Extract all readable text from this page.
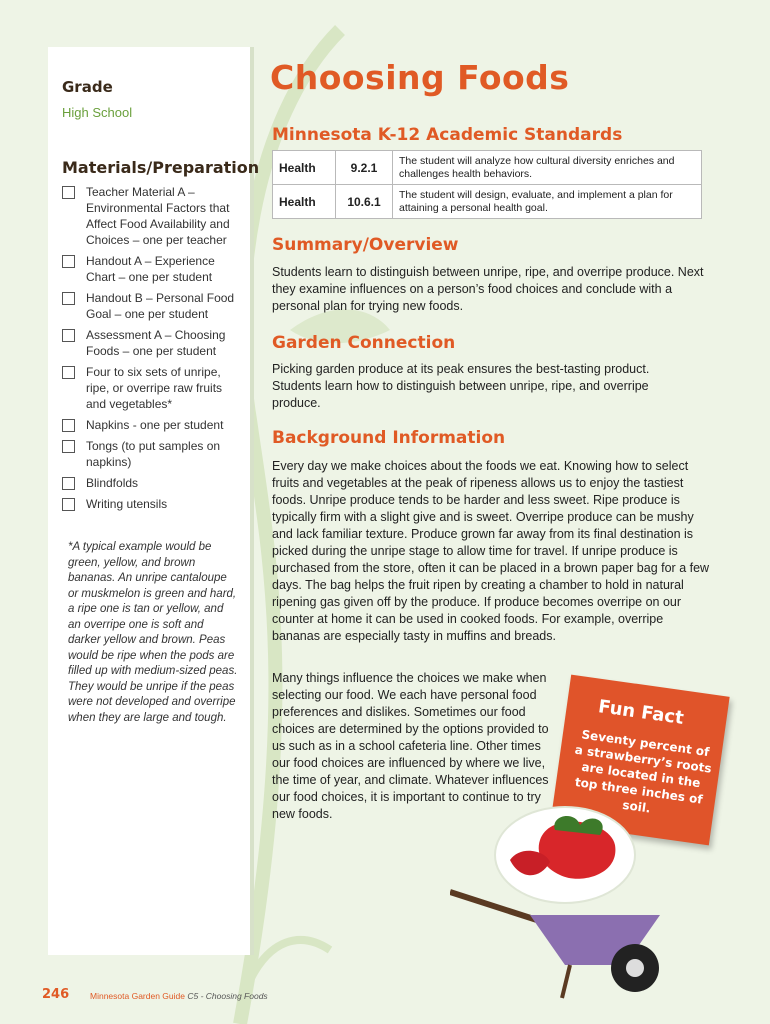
Grade
High School
Materials/Preparation
Teacher Material A – Environmental Factors that Affect Food Availability and Choices – one per teacher
Handout A – Experience Chart – one per student
Handout B – Personal Food Goal – one per student
Assessment A – Choosing Foods – one per student
Four to six sets of unripe, ripe, or overripe raw fruits and vegetables*
Napkins - one per student
Tongs (to put samples on napkins)
Blindfolds
Writing utensils
*A typical example would be green, yellow, and brown bananas. An unripe cantaloupe or muskmelon is green and hard, a ripe one is tan or yellow, and an overripe one is soft and darker yellow and brown. Peas would be ripe when the pods are filled up with medium-sized peas. They would be unripe if the peas were not developed and overripe when they are large and tough.
Choosing Foods
Minnesota K-12 Academic Standards
Health	9.2.1	The student will analyze how cultural diversity enriches and challenges health behaviors.
Health	10.6.1	The student will design, evaluate, and implement a plan for attaining a personal health goal.
Summary/Overview
Students learn to distinguish between unripe, ripe, and overripe produce. Next they examine influences on a person’s food choices and conclude with a personal plan for trying new foods.
Garden Connection
Picking garden produce at its peak ensures the best-tasting product. Students learn how to distinguish between unripe, ripe, and overripe produce.
Background Information
Every day we make choices about the foods we eat. Knowing how to select fruits and vegetables at the peak of ripeness allows us to enjoy the tastiest foods. Unripe produce tends to be harder and less sweet. Ripe produce is typically firm with a slight give and is sweet. Overripe produce can be mushy and lack familiar texture. Produce grown far away from its final destination is picked during the unripe stage to allow time for travel. If unripe produce is purchased from the store, often it can be placed in a brown paper bag for a few days. The bag helps the fruit ripen by creating a chamber to hold in natural ripening gas given off by the produce. If produce becomes overripe on our counter at home it can be used in cooked foods. For example, overripe bananas are especially tasty in muffins and breads.
Many things influence the choices we make when selecting our food. We each have personal food preferences and dislikes. Sometimes our food choices are determined by the options provided to us such as in a school cafeteria line. Other times our food choices are influenced by where we live, the time of year, and climate. Whatever influences our food choices, it is important to continue to try new foods.
Fun Fact
Seventy percent of a strawberry’s roots are located in the top three inches of soil.
246 Minnesota Garden Guide C5 - Choosing Foods
